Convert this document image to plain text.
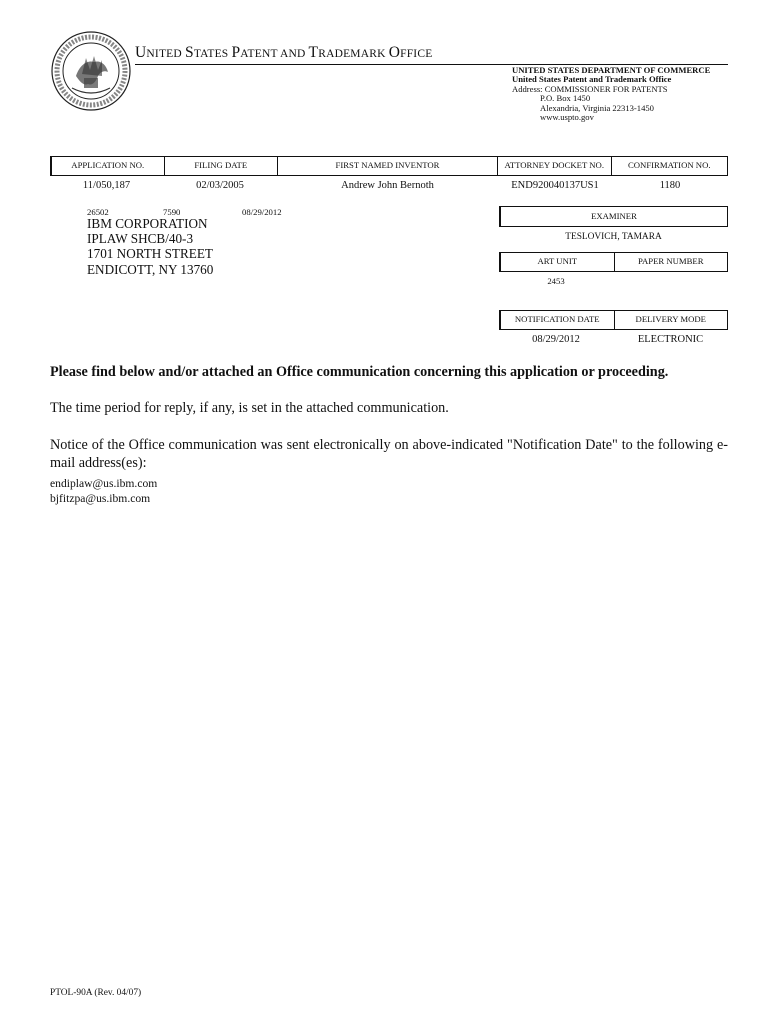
UNITED STATES PATENT AND TRADEMARK OFFICE
UNITED STATES DEPARTMENT OF COMMERCE
United States Patent and Trademark Office
Address: COMMISSIONER FOR PATENTS
P.O. Box 1450
Alexandria, Virginia 22313-1450
www.uspto.gov
APPLICATION NO.	FILING DATE	FIRST NAMED INVENTOR	ATTORNEY DOCKET NO.	CONFIRMATION NO.
11/050,187	02/03/2005	Andrew John Bernoth	END920040137US1	1180
26502	7590	08/29/2012
IBM CORPORATION
IPLAW SHCB/40-3
1701 NORTH STREET
ENDICOTT, NY 13760
EXAMINER
TESLOVICH, TAMARA
ART UNIT	PAPER NUMBER
2453
NOTIFICATION DATE	DELIVERY MODE
08/29/2012	ELECTRONIC
Please find below and/or attached an Office communication concerning this application or proceeding.
The time period for reply, if any, is set in the attached communication.
Notice of the Office communication was sent electronically on above-indicated "Notification Date" to the following e-mail address(es):
endiplaw@us.ibm.com
bjfitzpa@us.ibm.com
PTOL-90A (Rev. 04/07)
